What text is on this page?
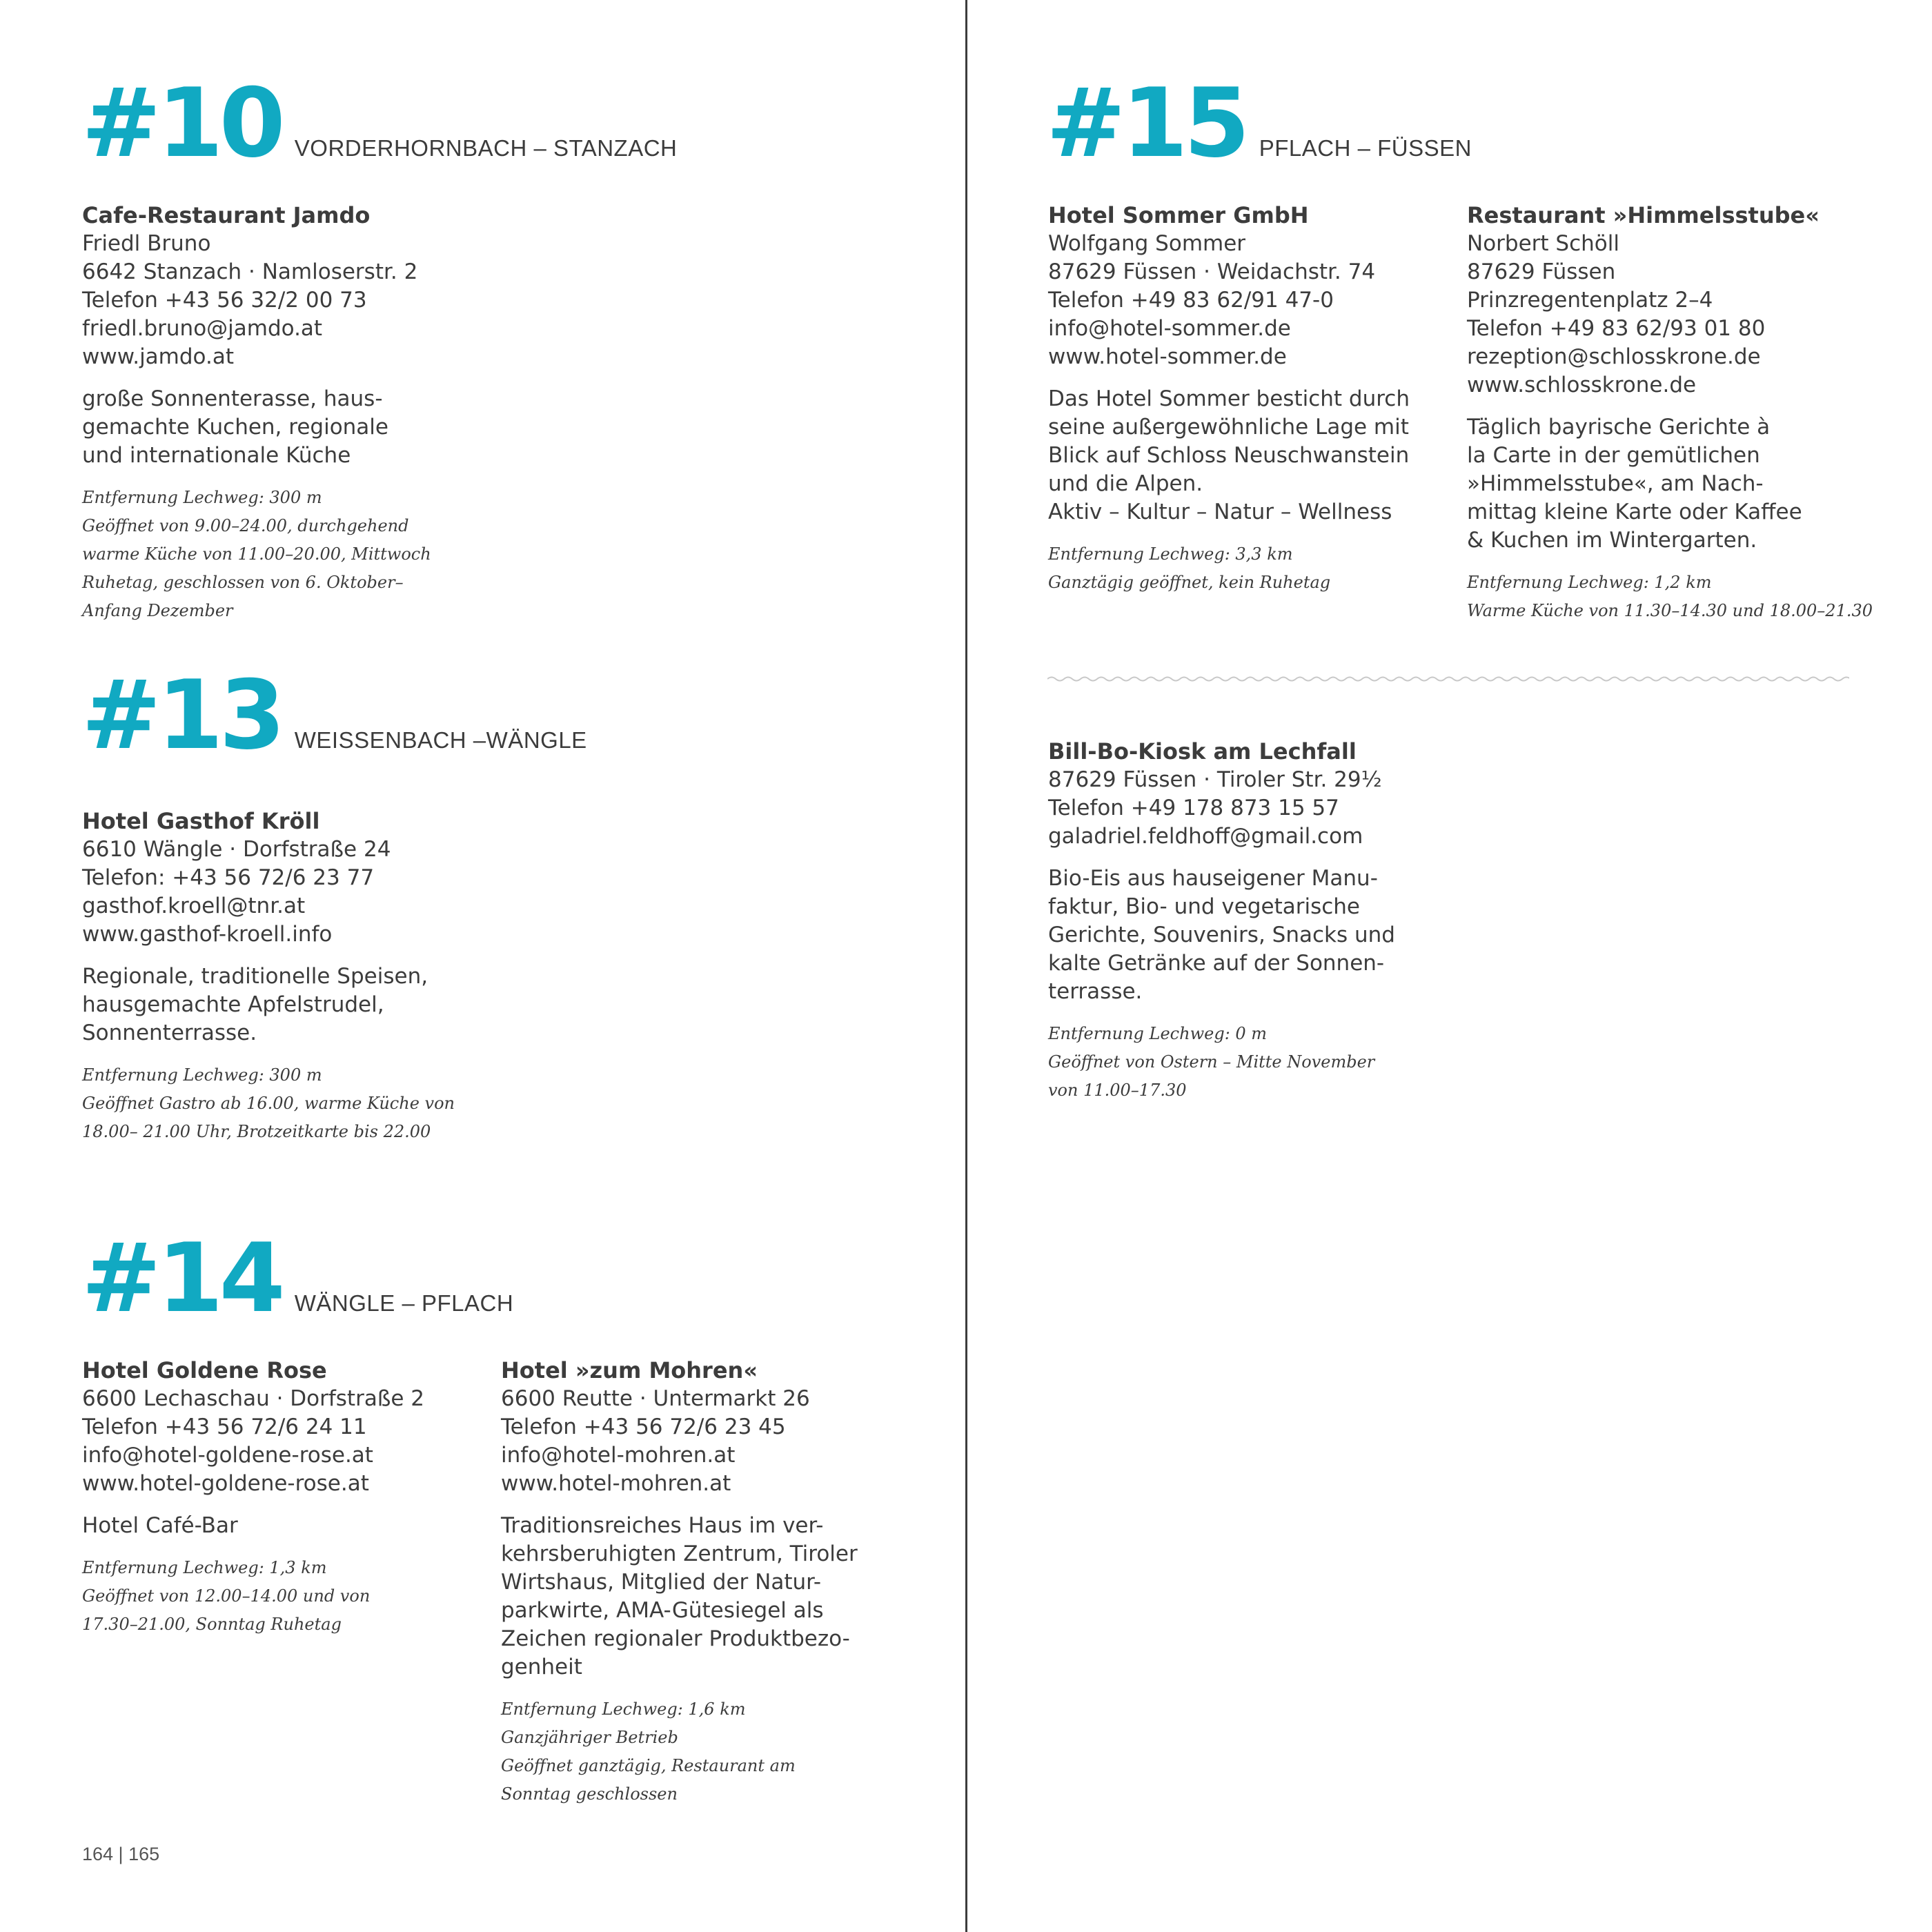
#10 VORDERHORNBACH – STANZACH
Cafe-Restaurant Jamdo
Friedl Bruno
6642 Stanzach · Namloserstr. 2
Telefon +43 56 32/2 00 73
friedl.bruno@jamdo.at
www.jamdo.at
große Sonnenterasse, haus-
gemachte Kuchen, regionale
und internationale Küche
Entfernung Lechweg: 300 m
Geöffnet von 9.00–24.00, durchgehend
warme Küche von 11.00–20.00, Mittwoch
Ruhetag, geschlossen von 6. Oktober–
Anfang Dezember
#13 WEISSENBACH –WÄNGLE
Hotel Gasthof Kröll
6610 Wängle · Dorfstraße 24
Telefon: +43 56 72/6 23 77
gasthof.kroell@tnr.at
www.gasthof-kroell.info
Regionale, traditionelle Speisen,
hausgemachte Apfelstrudel,
Sonnenterrasse.
Entfernung Lechweg: 300 m
Geöffnet Gastro ab 16.00, warme Küche von
18.00– 21.00 Uhr, Brotzeitkarte bis 22.00
#14 WÄNGLE – PFLACH
Hotel Goldene Rose
6600 Lechaschau · Dorfstraße 2
Telefon +43 56 72/6 24 11
info@hotel-goldene-rose.at
www.hotel-goldene-rose.at
Hotel Café-Bar
Entfernung Lechweg: 1,3 km
Geöffnet von 12.00–14.00 und von
17.30–21.00, Sonntag Ruhetag
Hotel »zum Mohren«
6600 Reutte · Untermarkt 26
Telefon +43 56 72/6 23 45
info@hotel-mohren.at
www.hotel-mohren.at
Traditionsreiches Haus im ver-
kehrsberuhigten Zentrum, Tiroler
Wirtshaus, Mitglied der Natur-
parkwirte, AMA-Gütesiegel als
Zeichen regionaler Produktbezo-
genheit
Entfernung Lechweg: 1,6 km
Ganzjähriger Betrieb
Geöffnet ganztägig, Restaurant am
Sonntag geschlossen
#15 PFLACH – FÜSSEN
Hotel Sommer GmbH
Wolfgang Sommer
87629 Füssen · Weidachstr. 74
Telefon +49 83 62/91 47-0
info@hotel-sommer.de
www.hotel-sommer.de
Das Hotel Sommer besticht durch
seine außergewöhnliche Lage mit
Blick auf Schloss Neuschwanstein
und die Alpen.
Aktiv – Kultur – Natur – Wellness
Entfernung Lechweg: 3,3 km
Ganztägig geöffnet, kein Ruhetag
Restaurant »Himmelsstube«
Norbert Schöll
87629 Füssen
Prinzregentenplatz 2–4
Telefon +49 83 62/93 01 80
rezeption@schlosskrone.de
www.schlosskrone.de
Täglich bayrische Gerichte à
la Carte in der gemütlichen
»Himmelsstube«, am Nach-
mittag kleine Karte oder Kaffee
& Kuchen im Wintergarten.
Entfernung Lechweg: 1,2 km
Warme Küche von 11.30–14.30 und 18.00–21.30
Bill-Bo-Kiosk am Lechfall
87629 Füssen · Tiroler Str. 29½
Telefon +49 178 873 15 57
galadriel.feldhoff@gmail.com
Bio-Eis aus hauseigener Manu-
faktur, Bio- und vegetarische
Gerichte, Souvenirs, Snacks und
kalte Getränke auf der Sonnen-
terrasse.
Entfernung Lechweg: 0 m
Geöffnet von Ostern – Mitte November
von 11.00–17.30
164 | 165
